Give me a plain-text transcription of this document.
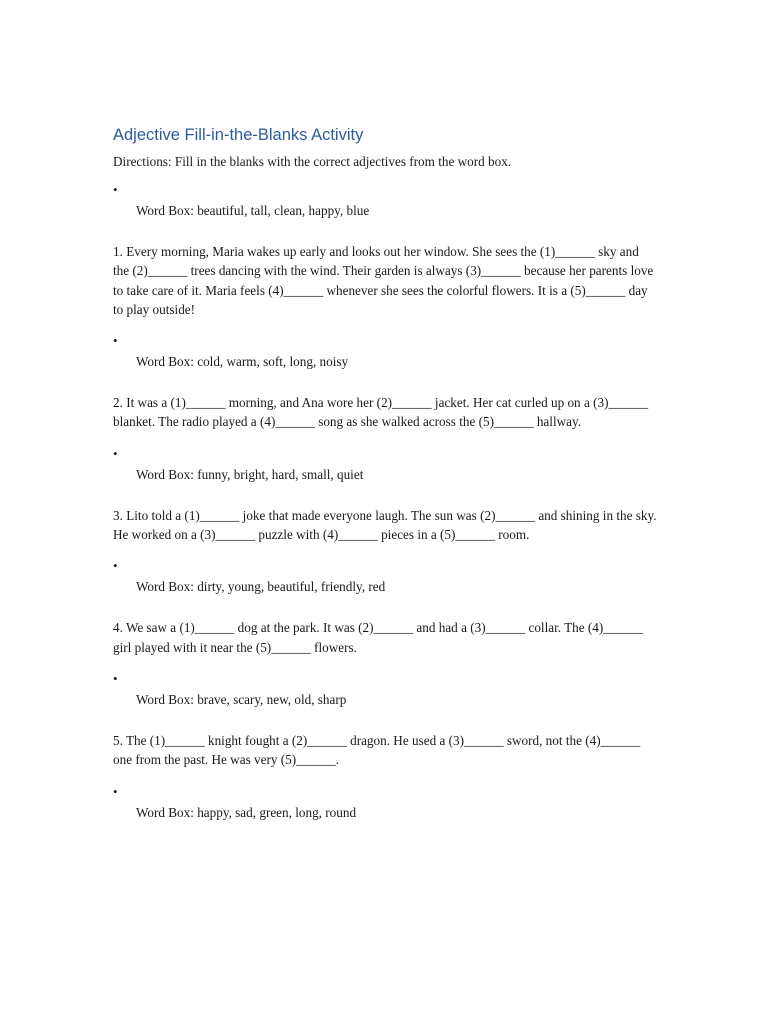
Adjective Fill-in-the-Blanks Activity

Directions: Fill in the blanks with the correct adjectives from the word box.

•

Word Box: beautiful, tall, clean, happy, blue

1. Every morning, Maria wakes up early and looks out her window. She sees the (1)______ sky and the (2)______ trees dancing with the wind. Their garden is always (3)______ because her parents love to take care of it. Maria feels (4)______ whenever she sees the colorful flowers. It is a (5)______ day to play outside!

•

Word Box: cold, warm, soft, long, noisy

2. It was a (1)______ morning, and Ana wore her (2)______ jacket. Her cat curled up on a (3)______ blanket. The radio played a (4)______ song as she walked across the (5)______ hallway.

•

Word Box: funny, bright, hard, small, quiet

3. Lito told a (1)______ joke that made everyone laugh. The sun was (2)______ and shining in the sky. He worked on a (3)______ puzzle with (4)______ pieces in a (5)______ room.

•

Word Box: dirty, young, beautiful, friendly, red

4. We saw a (1)______ dog at the park. It was (2)______ and had a (3)______ collar. The (4)______ girl played with it near the (5)______ flowers.

•

Word Box: brave, scary, new, old, sharp

5. The (1)______ knight fought a (2)______ dragon. He used a (3)______ sword, not the (4)______ one from the past. He was very (5)______.

•

Word Box: happy, sad, green, long, round
